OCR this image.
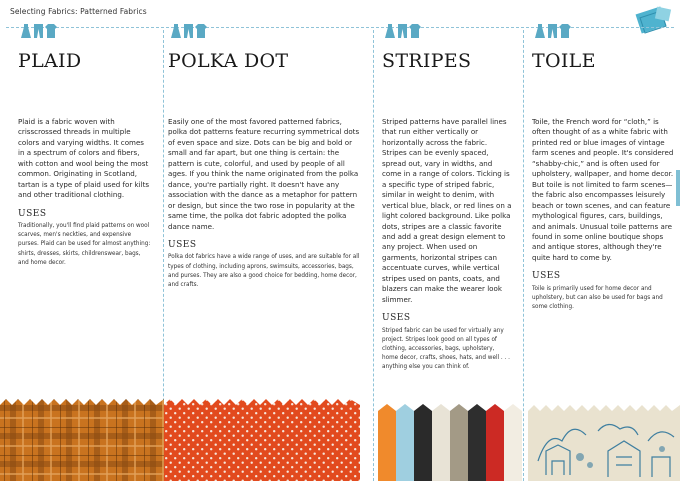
Selecting Fabrics: Patterned Fabrics
PLAID
Plaid is a fabric woven with crisscrossed threads in multiple colors and varying widths. It comes in a spectrum of colors and fibers, with cotton and wool being the most common. Originating in Scotland, tartan is a type of plaid used for kilts and other traditional clothing.
USES
Traditionally, you'll find plaid patterns on wool scarves, men's neckties, and expensive purses. Plaid can be used for almost anything: shirts, dresses, skirts, childrenswear, bags, and home decor.
POLKA DOT
Easily one of the most favored patterned fabrics, polka dot patterns feature recurring symmetrical dots of even space and size. Dots can be big and bold or small and far apart, but one thing is certain: the pattern is cute, colorful, and used by people of all ages. If you think the name originated from the polka dance, you're partially right. It doesn't have any association with the dance as a metaphor for pattern or design, but since the two rose in popularity at the same time, the polka dot fabric adopted the polka dance name.
USES
Polka dot fabrics have a wide range of uses, and are suitable for all types of clothing, including aprons, swimsuits, accessories, bags, and purses. They are also a good choice for bedding, home decor, and crafts.
STRIPES
Striped patterns have parallel lines that run either vertically or horizontally across the fabric. Stripes can be evenly spaced, spread out, vary in widths, and come in a range of colors. Ticking is a specific type of striped fabric, similar in weight to denim, with vertical blue, black, or red lines on a light colored background. Like polka dots, stripes are a classic favorite and add a great design element to any project. When used on garments, horizontal stripes can accentuate curves, while vertical stripes used on pants, coats, and blazers can make the wearer look slimmer.
USES
Striped fabric can be used for virtually any project. Stripes look good on all types of clothing, accessories, bags, upholstery, home decor, crafts, shoes, hats, and well . . . anything else you can think of.
TOILE
Toile, the French word for “cloth,” is often thought of as a white fabric with printed red or blue images of vintage farm scenes and people. It's considered “shabby-chic,” and is often used for upholstery, wallpaper, and home decor. But toile is not limited to farm scenes—the fabric also encompasses leisurely beach or town scenes, and can feature mythological figures, cars, buildings, and animals. Unusual toile patterns are found in some online boutique shops and antique stores, although they're quite hard to come by.
USES
Toile is primarily used for home decor and upholstery, but can also be used for bags and some clothing.
